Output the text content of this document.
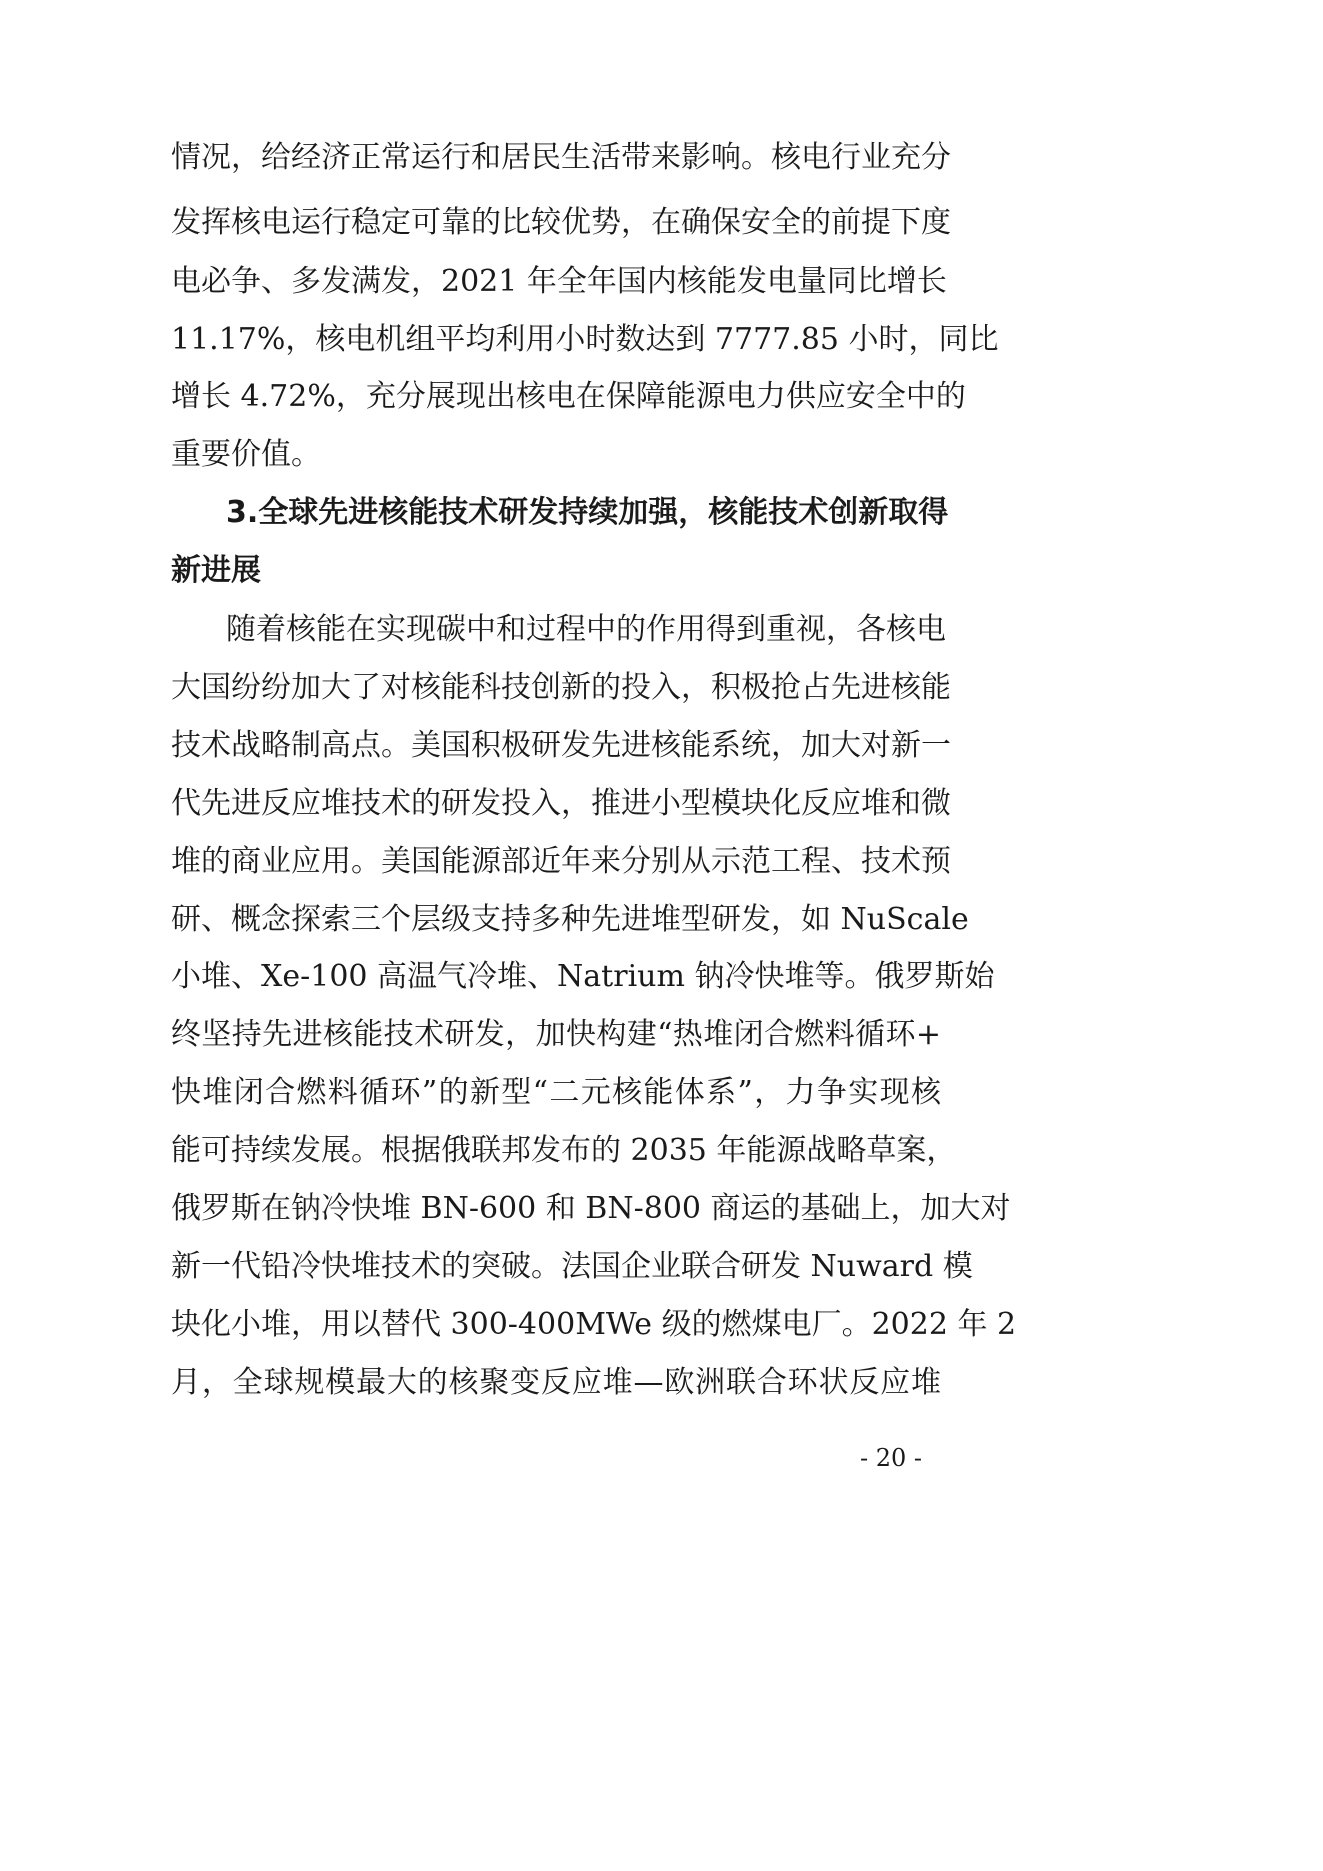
情况，给经济正常运行和居民生活带来影响。核电行业充分
发挥核电运行稳定可靠的比较优势，在确保安全的前提下度
电必争、多发满发，2021 年全年国内核能发电量同比增长
11.17%，核电机组平均利用小时数达到 7777.85 小时，同比
增长 4.72%，充分展现出核电在保障能源电力供应安全中的
重要价值。
3.全球先进核能技术研发持续加强，核能技术创新取得
新进展
随着核能在实现碳中和过程中的作用得到重视，各核电
大国纷纷加大了对核能科技创新的投入，积极抢占先进核能
技术战略制高点。美国积极研发先进核能系统，加大对新一
代先进反应堆技术的研发投入，推进小型模块化反应堆和微
堆的商业应用。美国能源部近年来分别从示范工程、技术预
研、概念探索三个层级支持多种先进堆型研发，如 NuScale
小堆、Xe-100 高温气冷堆、Natrium 钠冷快堆等。俄罗斯始
终坚持先进核能技术研发，加快构建“热堆闭合燃料循环+
快堆闭合燃料循环”的新型“二元核能体系”，力争实现核
能可持续发展。根据俄联邦发布的 2035 年能源战略草案，
俄罗斯在钠冷快堆 BN-600 和 BN-800 商运的基础上，加大对
新一代铅冷快堆技术的突破。法国企业联合研发 Nuward 模
块化小堆，用以替代 300-400MWe 级的燃煤电厂。2022 年 2
月，全球规模最大的核聚变反应堆—欧洲联合环状反应堆
- 20 -
